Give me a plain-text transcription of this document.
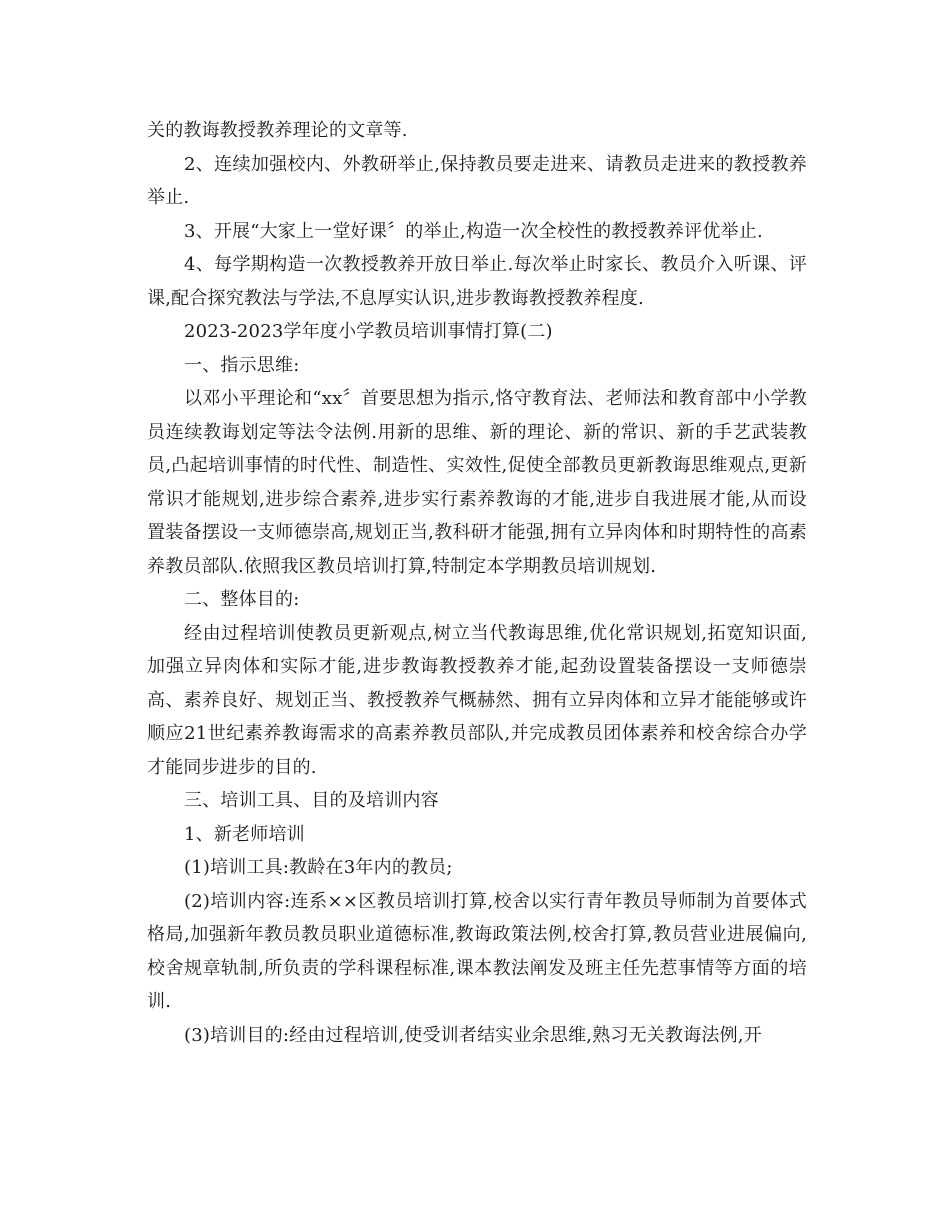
关的教诲教授教养理论的文章等.

2、连续加强校内、外教研举止,保持教员要走进来、请教员走进来的教授教养举止.

3、开展“大家上一堂好课〞的举止,构造一次全校性的教授教养评优举止.

4、每学期构造一次教授教养开放日举止.每次举止时家长、教员介入听课、评课,配合探究教法与学法,不息厚实认识,进步教诲教授教养程度.

2023-2023学年度小学教员培训事情打算(二)

一、指示思维:

以邓小平理论和“xx〞首要思想为指示,恪守教育法、老师法和教育部中小学教员连续教诲划定等法令法例.用新的思维、新的理论、新的常识、新的手艺武装教员,凸起培训事情的时代性、制造性、实效性,促使全部教员更新教诲思维观点,更新常识才能规划,进步综合素养,进步实行素养教诲的才能,进步自我进展才能,从而设置装备摆设一支师德崇高,规划正当,教科研才能强,拥有立异肉体和时期特性的高素养教员部队.依照我区教员培训打算,特制定本学期教员培训规划.

二、整体目的:

经由过程培训使教员更新观点,树立当代教诲思维,优化常识规划,拓宽知识面,加强立异肉体和实际才能,进步教诲教授教养才能,起劲设置装备摆设一支师德崇高、素养良好、规划正当、教授教养气概赫然、拥有立异肉体和立异才能能够或许顺应21世纪素养教诲需求的高素养教员部队,并完成教员团体素养和校舍综合办学才能同步进步的目的.

三、培训工具、目的及培训内容

1、新老师培训

(1)培训工具:教龄在3年内的教员;

(2)培训内容:连系××区教员培训打算,校舍以实行青年教员导师制为首要体式格局,加强新年教员教员职业道德标准,教诲政策法例,校舍打算,教员营业进展偏向,校舍规章轨制,所负责的学科课程标准,课本教法阐发及班主任先惹事情等方面的培训.

(3)培训目的:经由过程培训,使受训者结实业余思维,熟习无关教诲法例,开
